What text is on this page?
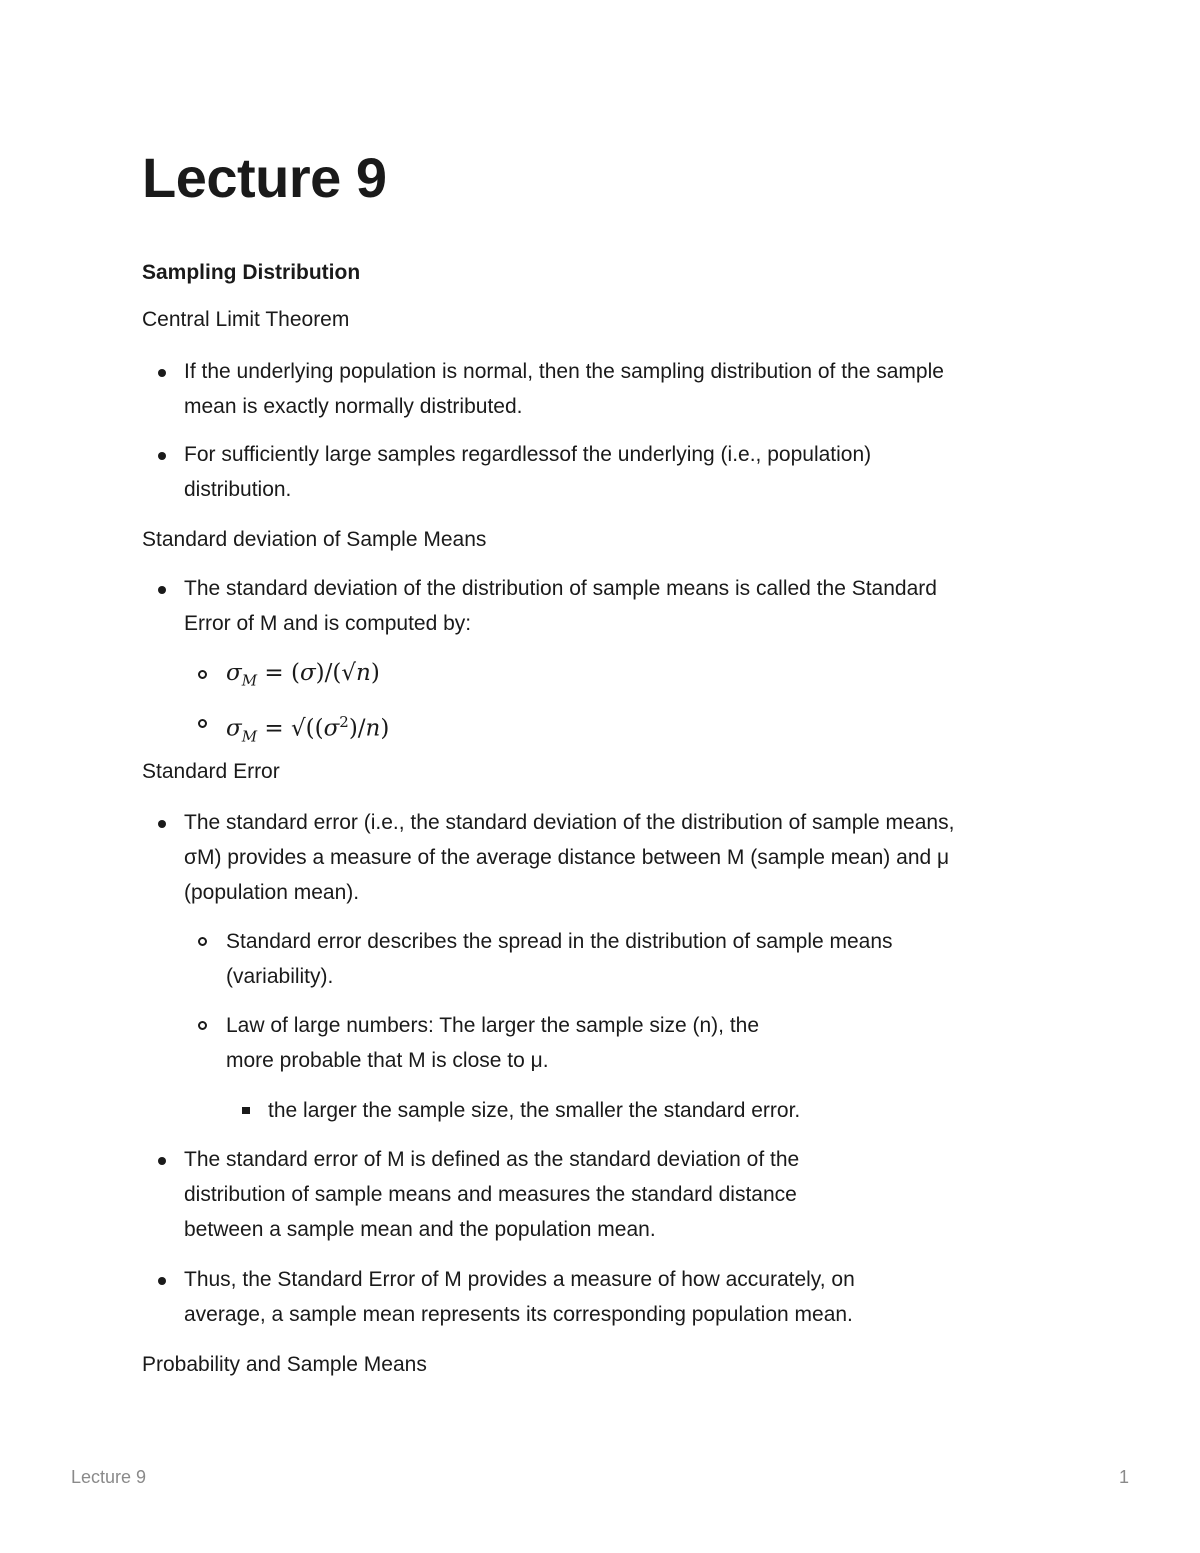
Lecture 9
Sampling Distribution

Central Limit Theorem

If the underlying population is normal, then the sampling distribution of the sample
mean is exactly normally distributed.

For sufficiently large samples regardlessof the underlying (i.e., population)
distribution.

Standard deviation of Sample Means

The standard deviation of the distribution of sample means is called the Standard
Error of M and is computed by:

$\sigma_M = (\sigma)/(√n)$
$\sigma_M = √((\sigma^2)/n)$

Standard Error

The standard error (i.e., the standard deviation of the distribution of sample means,
σM) provides a measure of the average distance between M (sample mean) and μ
(population mean).

Standard error describes the spread in the distribution of sample means
(variability).

Law of large numbers: The larger the sample size (n), the
more probable that M is close to μ.

the larger the sample size, the smaller the standard error.

The standard error of M is defined as the standard deviation of the
distribution of sample means and measures the standard distance
between a sample mean and the population mean.

Thus, the Standard Error of M provides a measure of how accurately, on
average, a sample mean represents its corresponding population mean.

Probability and Sample Means

Lecture 9	1
